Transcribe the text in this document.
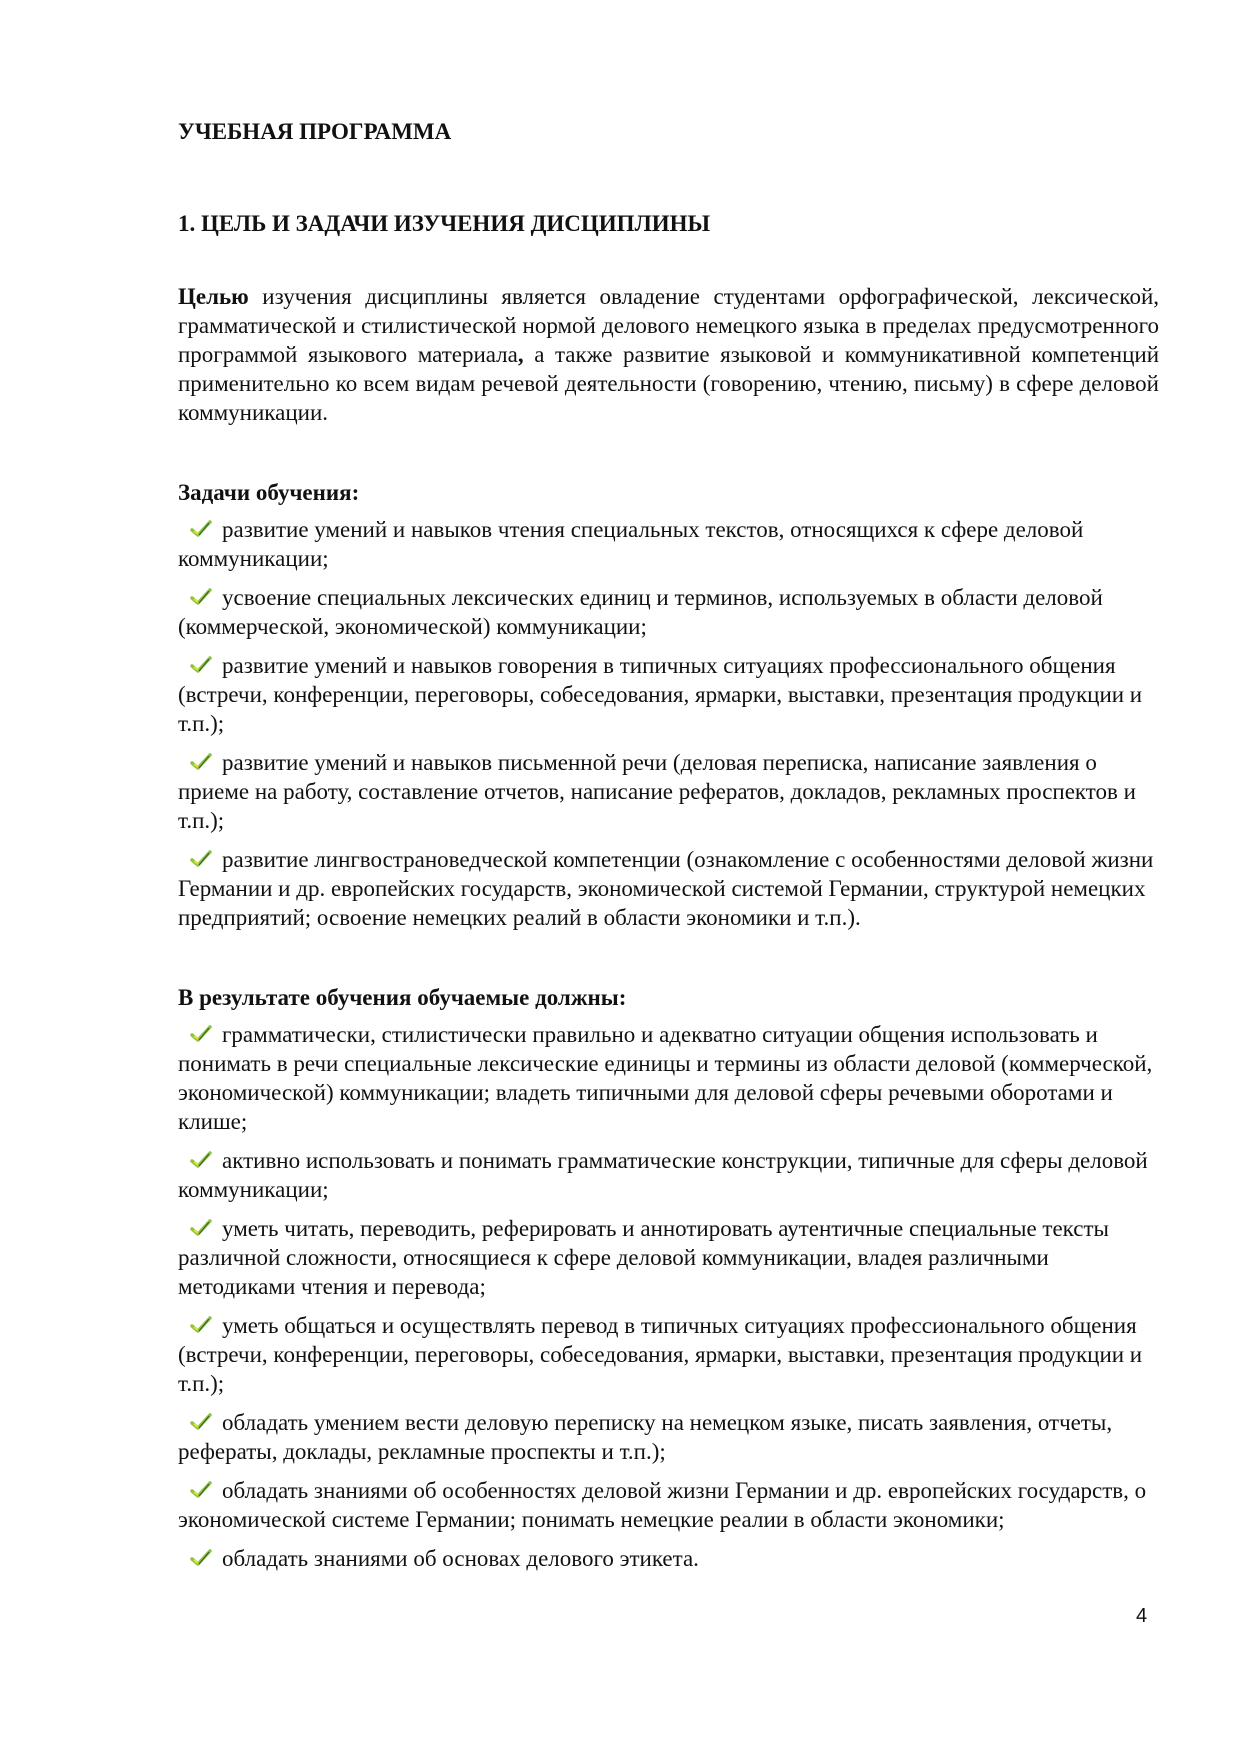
УЧЕБНАЯ ПРОГРАММА

1. ЦЕЛЬ И ЗАДАЧИ ИЗУЧЕНИЯ ДИСЦИПЛИНЫ

Целью изучения дисциплины является овладение студентами орфографической, лексической, грамматической и стилистической нормой делового немецкого языка в пределах предусмотренного программой языкового материала, а также развитие языковой и коммуникативной компетенций применительно ко всем видам речевой деятельности (говорению, чтению, письму) в сфере деловой коммуникации.

Задачи обучения:

развитие умений и навыков чтения специальных текстов, относящихся к сфере деловой коммуникации;
усвоение специальных лексических единиц и терминов, используемых в области деловой (коммерческой, экономической) коммуникации;
развитие умений и навыков говорения в типичных ситуациях профессионального общения (встречи, конференции, переговоры, собеседования, ярмарки, выставки, презентация продукции и т.п.);
развитие умений и навыков письменной речи (деловая переписка, написание заявления о приеме на работу, составление отчетов, написание рефератов, докладов, рекламных проспектов и т.п.);
развитие лингвострановедческой компетенции (ознакомление с особенностями деловой жизни Германии и др. европейских государств, экономической системой Германии, структурой немецких предприятий; освоение немецких реалий в области экономики и т.п.).

В результате обучения обучаемые должны:

грамматически, стилистически правильно и адекватно ситуации общения использовать и понимать в речи специальные лексические единицы и термины из области деловой (коммерческой, экономической) коммуникации; владеть типичными для деловой сферы речевыми оборотами и клише;
активно использовать и понимать грамматические конструкции, типичные для сферы деловой коммуникации;
уметь читать, переводить, реферировать и аннотировать аутентичные специальные тексты различной сложности, относящиеся к сфере деловой коммуникации, владея различными методиками чтения и перевода;
уметь общаться и осуществлять перевод в типичных ситуациях профессионального общения (встречи, конференции, переговоры, собеседования, ярмарки, выставки, презентация продукции и т.п.);
обладать умением вести деловую переписку на немецком языке, писать заявления, отчеты, рефераты, доклады, рекламные проспекты и т.п.);
обладать знаниями об особенностях деловой жизни Германии и др. европейских государств, о экономической системе Германии; понимать немецкие реалии в области экономики;
обладать знаниями об основах делового этикета.
4
